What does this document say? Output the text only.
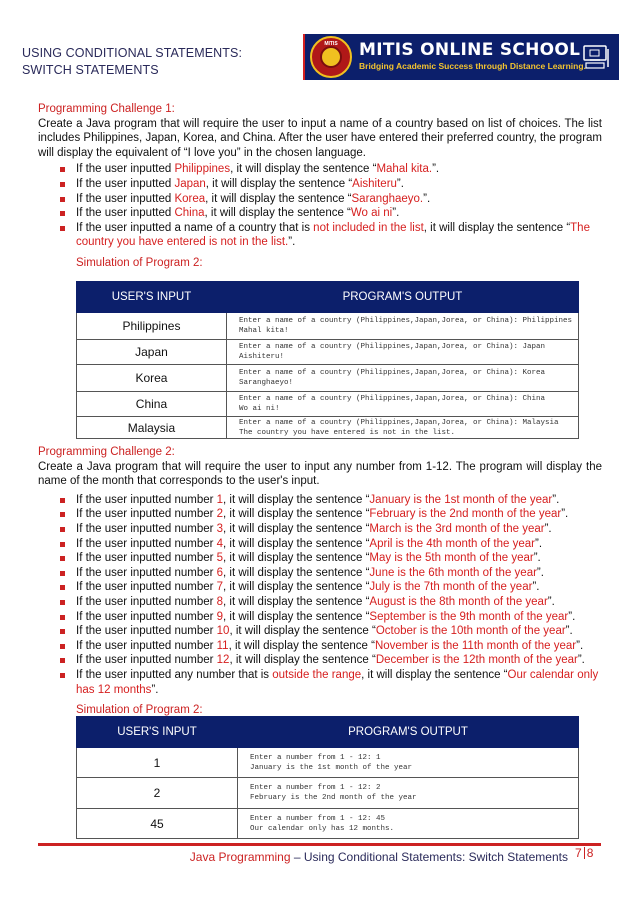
USING CONDITIONAL STATEMENTS:
SWITCH STATEMENTS
MITIS	MITIS ONLINE SCHOOL
Bridging Academic Success through Distance Learning.
Programming Challenge 1:
Create a Java program that will require the user to input a name of a country based on list of choices. The list includes Philippines, Japan, Korea, and China. After the user have entered their preferred country, the program will display the equivalent of “I love you” in the chosen language.
If the user inputted Philippines, it will display the sentence “Mahal kita.”.
If the user inputted Japan, it will display the sentence “Aishiteru”.
If the user inputted Korea, it will display the sentence “Saranghaeyo.”.
If the user inputted China, it will display the sentence “Wo ai ni”.
If the user inputted a name of a country that is not included in the list, it will display the sentence “The country you have entered is not in the list.”.
Simulation of Program 2:
USER'S INPUT	PROGRAM'S OUTPUT
Philippines	Enter a name of a country (Philippines,Japan,Jorea, or China): Philippines
Mahal kita!

Japan	Enter a name of a country (Philippines,Japan,Jorea, or China): Japan
Aishiteru!

Korea	Enter a name of a country (Philippines,Japan,Jorea, or China): Korea
Saranghaeyo!

China	Enter a name of a country (Philippines,Japan,Jorea, or China): China
Wo ai ni!

Malaysia	Enter a name of a country (Philippines,Japan,Jorea, or China): Malaysia
The country you have entered is not in the list.
Programming Challenge 2:
Create a Java program that will require the user to input any number from 1-12. The program will display the name of the month that corresponds to the user's input.
If the user inputted number 1, it will display the sentence “January is the 1st month of the year”.
If the user inputted number 2, it will display the sentence “February is the 2nd month of the year”.
If the user inputted number 3, it will display the sentence “March is the 3rd month of the year”.
If the user inputted number 4, it will display the sentence “April is the 4th month of the year”.
If the user inputted number 5, it will display the sentence “May is the 5th month of the year”.
If the user inputted number 6, it will display the sentence “June is the 6th month of the year”.
If the user inputted number 7, it will display the sentence “July is the 7th month of the year”.
If the user inputted number 8, it will display the sentence “August is the 8th month of the year”.
If the user inputted number 9, it will display the sentence “September is the 9th month of the year”.
If the user inputted number 10, it will display the sentence “October is the 10th month of the year”.
If the user inputted number 11, it will display the sentence “November is the 11th month of the year”.
If the user inputted number 12, it will display the sentence “December is the 12th month of the year”.
If the user inputted any number that is outside the range, it will display the sentence “Our calendar only has 12 months”.
Simulation of Program 2:
USER'S INPUT	PROGRAM'S OUTPUT
1	Enter a number from 1 - 12: 1
January is the 1st month of the year

2	Enter a number from 1 - 12: 2
February is the 2nd month of the year

45	Enter a number from 1 - 12: 45
Our calendar only has 12 months.
Java Programming – Using Conditional Statements: Switch Statements 7 8
